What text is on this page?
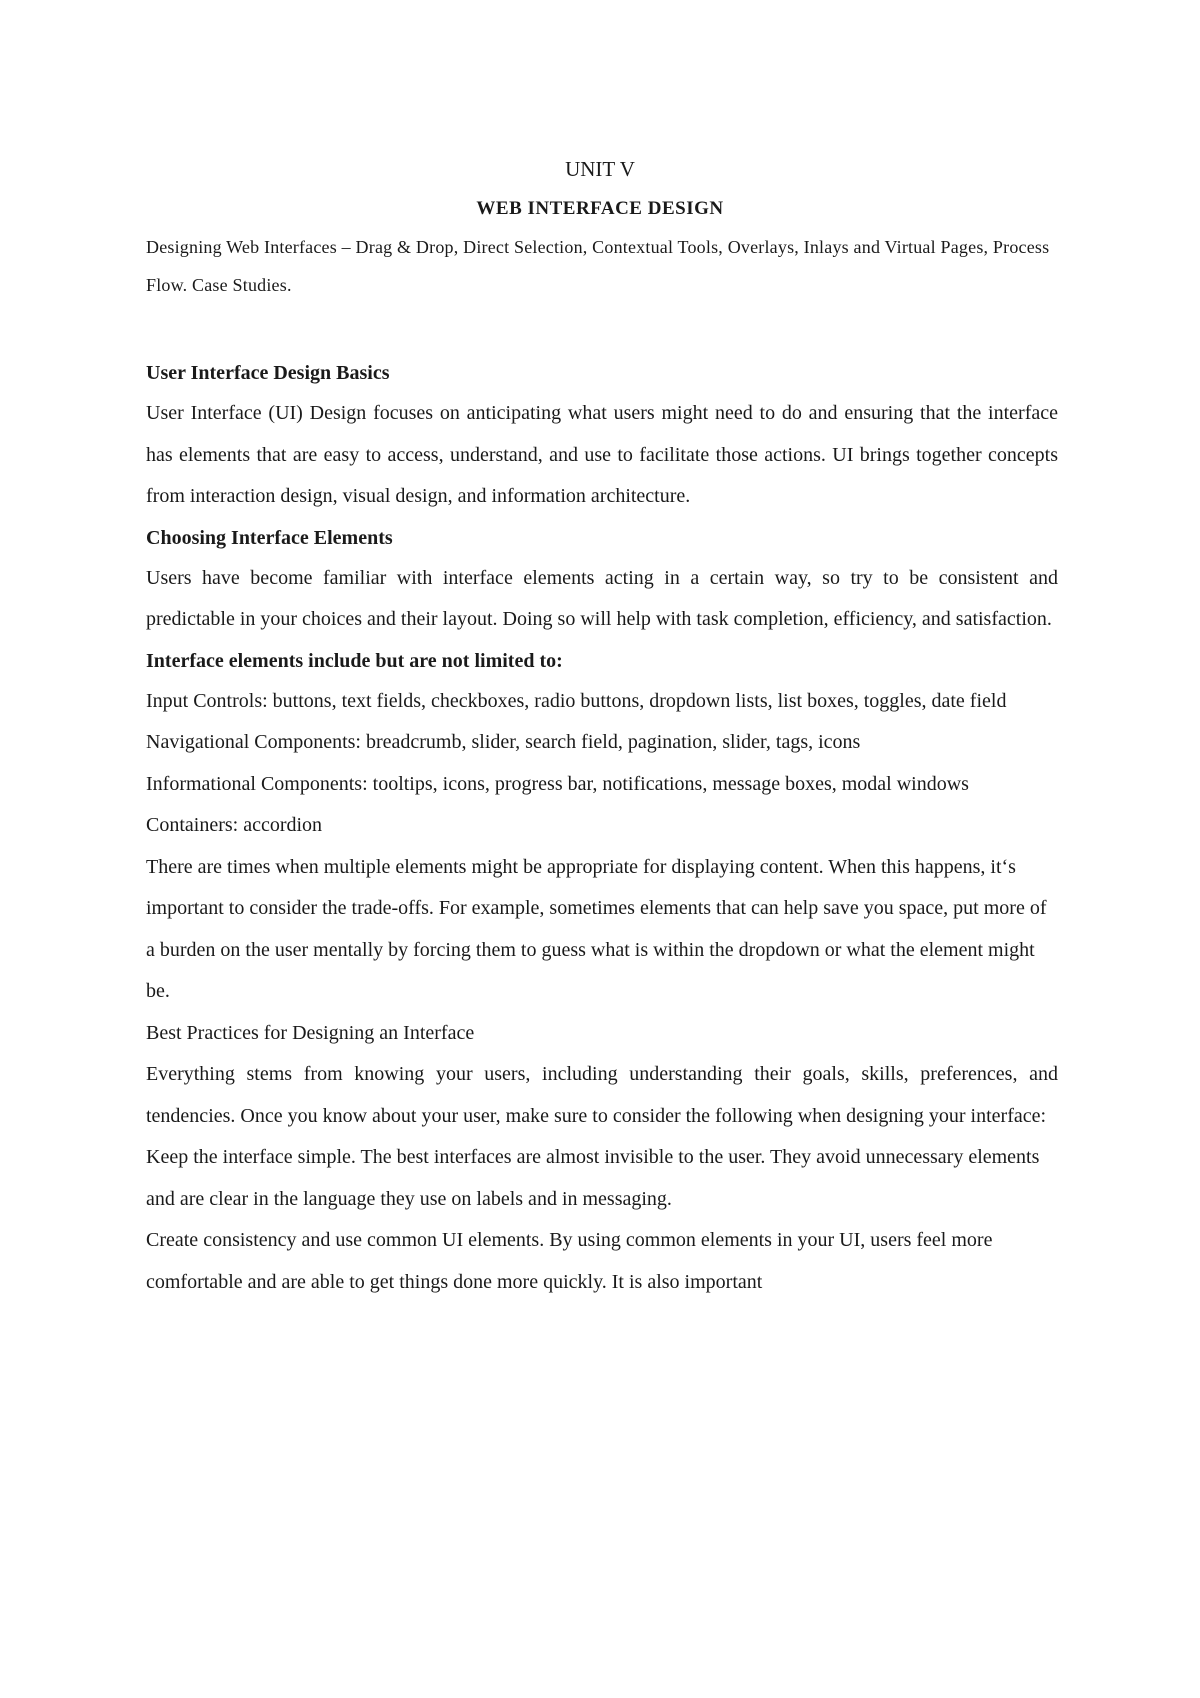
UNIT V
WEB INTERFACE DESIGN

Designing Web Interfaces – Drag & Drop, Direct Selection, Contextual Tools, Overlays, Inlays and Virtual Pages, Process Flow. Case Studies.

User Interface Design Basics

User Interface (UI) Design focuses on anticipating what users might need to do and ensuring that the interface has elements that are easy to access, understand, and use to facilitate those actions. UI brings together concepts from interaction design, visual design, and information architecture.

Choosing Interface Elements

Users have become familiar with interface elements acting in a certain way, so try to be consistent and predictable in your choices and their layout. Doing so will help with task completion, efficiency, and satisfaction.

Interface elements include but are not limited to:

Input Controls: buttons, text fields, checkboxes, radio buttons, dropdown lists, list boxes, toggles, date field

Navigational Components: breadcrumb, slider, search field, pagination, slider, tags, icons

Informational Components: tooltips, icons, progress bar, notifications, message boxes, modal windows

Containers: accordion

There are times when multiple elements might be appropriate for displaying content. When this happens, it‘s important to consider the trade-offs. For example, sometimes elements that can help save you space, put more of a burden on the user mentally by forcing them to guess what is within the dropdown or what the element might be.

Best Practices for Designing an Interface

Everything stems from knowing your users, including understanding their goals, skills, preferences, and tendencies. Once you know about your user, make sure to consider the following when designing your interface:

Keep the interface simple. The best interfaces are almost invisible to the user. They avoid unnecessary elements and are clear in the language they use on labels and in messaging.

Create consistency and use common UI elements. By using common elements in your UI, users feel more comfortable and are able to get things done more quickly. It is also important
